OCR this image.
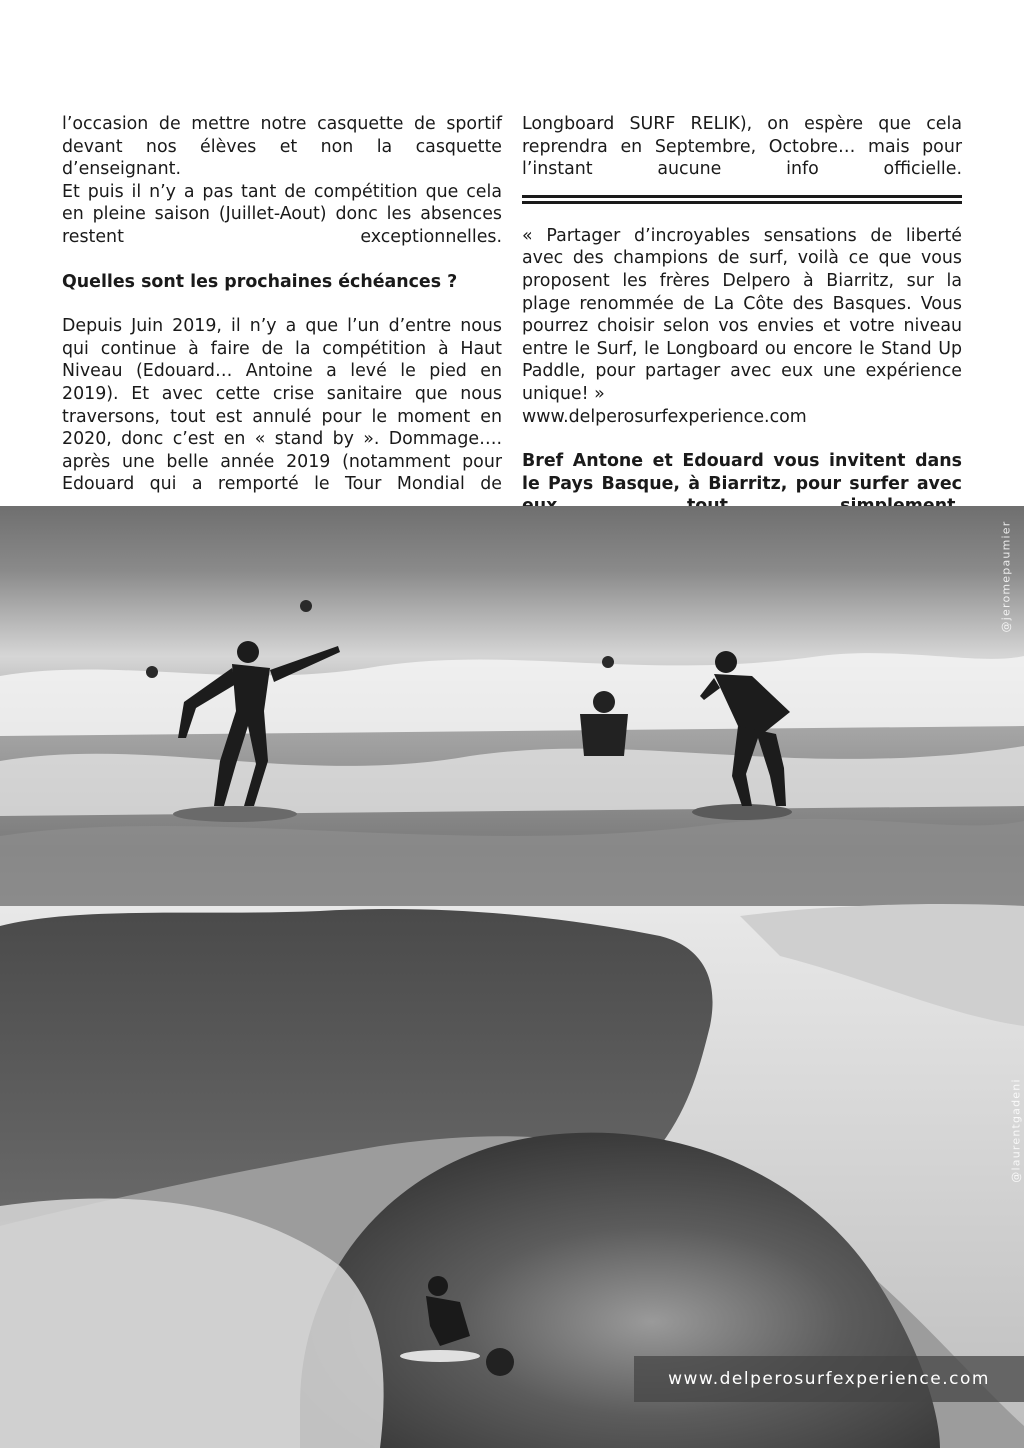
l’occasion de mettre notre casquette de sportif devant nos élèves et non la casquette d’enseignant.

Et puis il n’y a pas tant de compétition que cela en pleine saison (Juillet-Aout) donc les absences restent exceptionnelles.

Quelles sont les prochaines échéances ?

Depuis Juin 2019, il n’y a que l’un d’entre nous qui continue à faire de la compétition à Haut Niveau (Edouard… Antoine a levé le pied en 2019). Et avec cette crise sanitaire que nous traversons, tout est annulé pour le moment en 2020, donc c’est en « stand by ». Dommage…. après une belle année 2019 (notamment pour Edouard qui a remporté le Tour Mondial de

Longboard SURF RELIK), on espère que cela reprendra en Septembre, Octobre… mais pour l’instant aucune info officielle.

« Partager d’incroyables sensations de liberté avec des champions de surf, voilà ce que vous proposent les frères Delpero à Biarritz, sur la plage renommée de La Côte des Basques. Vous pourrez choisir selon vos envies et votre niveau entre le Surf, le Longboard ou encore le Stand Up Paddle, pour partager avec eux une expérience unique! »

www.delperosurfexperience.com

Bref Antone et Edouard vous invitent dans le Pays Basque, à Biarritz, pour surfer avec

@jeromepaumier
@laurentgadeni
www.delperosurfexperience.com
